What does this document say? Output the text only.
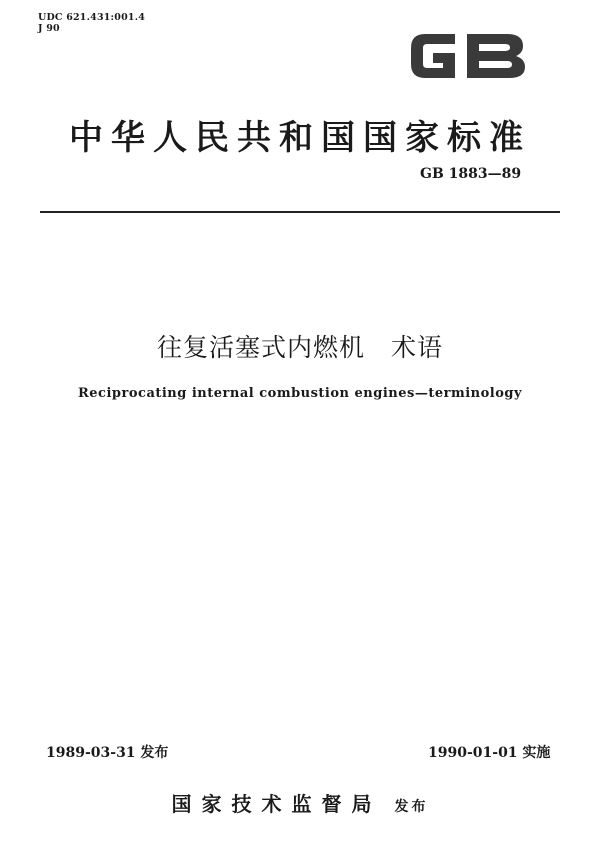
UDC 621.431:001.4
J 90
中华人民共和国国家标准
GB 1883—89
往复活塞式内燃机　术语
Reciprocating internal combustion engines—terminology
1989-03-31 发布	1990-01-01 实施
国家技术监督局 发布
